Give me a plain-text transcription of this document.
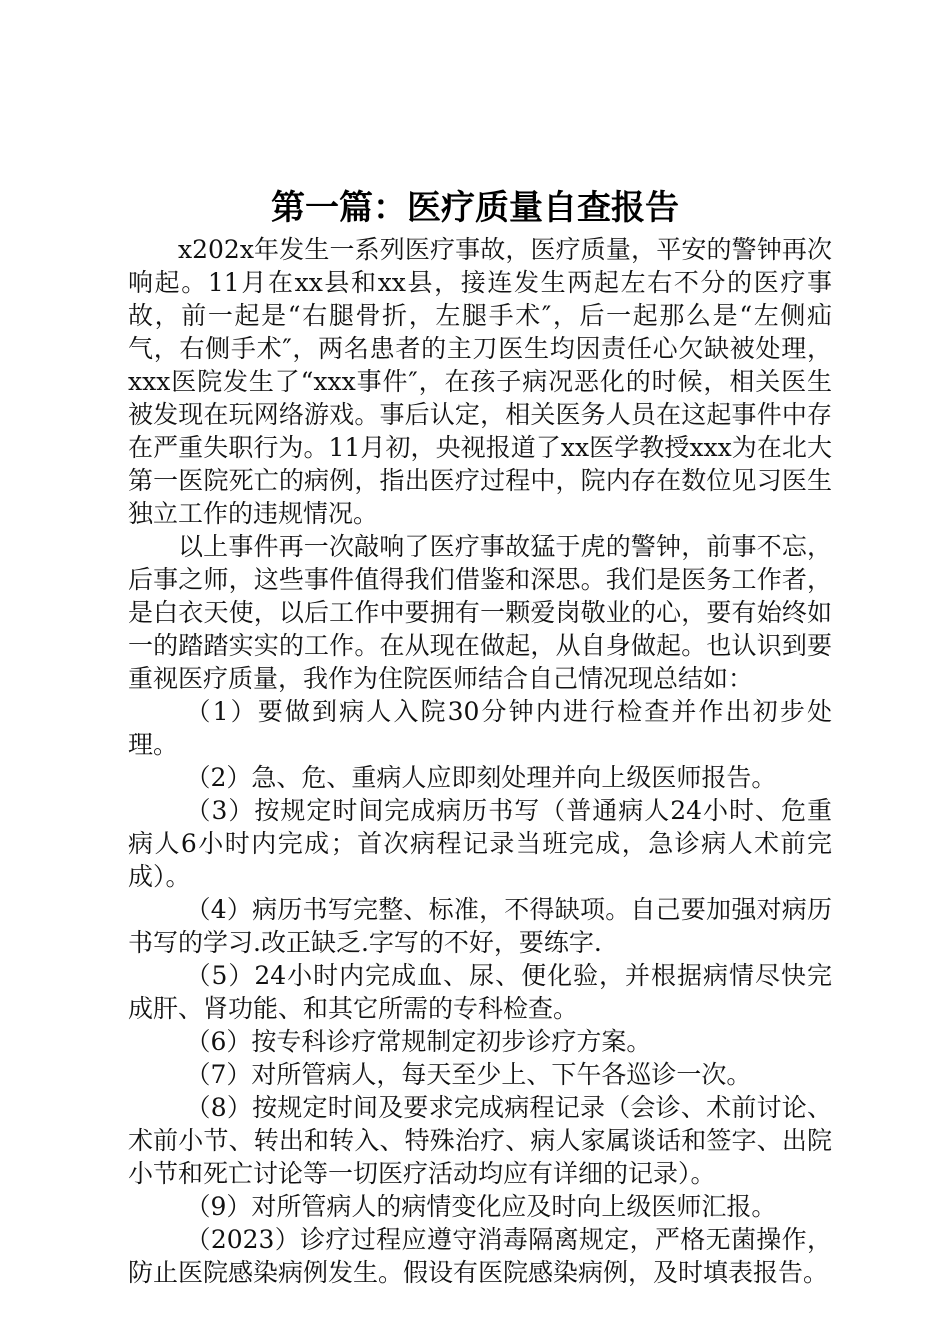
第一篇：医疗质量自查报告

x202x年发生一系列医疗事故，医疗质量，平安的警钟再次响起。11月在xx县和xx县，接连发生两起左右不分的医疗事故，前一起是“右腿骨折，左腿手术″，后一起那么是“左侧疝气，右侧手术″，两名患者的主刀医生均因责任心欠缺被处理，xxx医院发生了“xxx事件″，在孩子病况恶化的时候，相关医生被发现在玩网络游戏。事后认定，相关医务人员在这起事件中存在严重失职行为。11月初，央视报道了xx医学教授xxx为在北大第一医院死亡的病例，指出医疗过程中，院内存在数位见习医生独立工作的违规情况。

以上事件再一次敲响了医疗事故猛于虎的警钟，前事不忘，后事之师，这些事件值得我们借鉴和深思。我们是医务工作者，是白衣天使，以后工作中要拥有一颗爱岗敬业的心，要有始终如一的踏踏实实的工作。在从现在做起，从自身做起。也认识到要重视医疗质量，我作为住院医师结合自己情况现总结如：

（1）要做到病人入院30分钟内进行检查并作出初步处理。

（2）急、危、重病人应即刻处理并向上级医师报告。

（3）按规定时间完成病历书写（普通病人24小时、危重病人6小时内完成；首次病程记录当班完成，急诊病人术前完成）。

（4）病历书写完整、标准，不得缺项。自己要加强对病历书写的学习.改正缺乏.字写的不好，要练字.

（5）24小时内完成血、尿、便化验，并根据病情尽快完成肝、肾功能、和其它所需的专科检查。

（6）按专科诊疗常规制定初步诊疗方案。

（7）对所管病人，每天至少上、下午各巡诊一次。

（8）按规定时间及要求完成病程记录（会诊、术前讨论、术前小节、转出和转入、特殊治疗、病人家属谈话和签字、出院小节和死亡讨论等一切医疗活动均应有详细的记录）。

（9）对所管病人的病情变化应及时向上级医师汇报。

（2023）诊疗过程应遵守消毒隔离规定，严格无菌操作，防止医院感染病例发生。假设有医院感染病例，及时填表报告。
